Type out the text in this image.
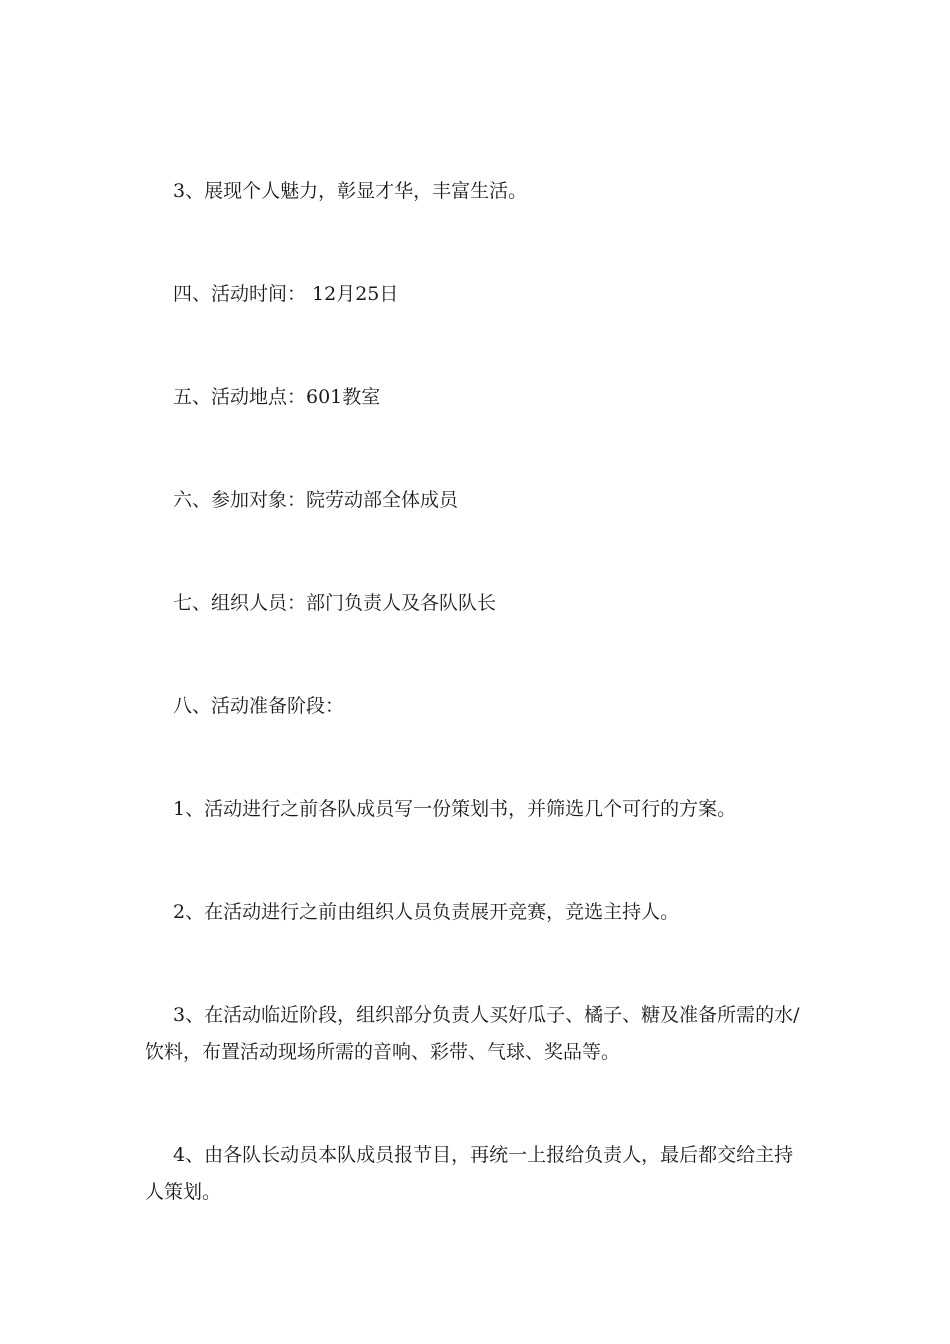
3、展现个人魅力，彰显才华，丰富生活。

四、活动时间： 12月25日

五、活动地点：601教室

六、参加对象：院劳动部全体成员

七、组织人员：部门负责人及各队队长

八、活动准备阶段：

1、活动进行之前各队成员写一份策划书，并筛选几个可行的方案。

2、在活动进行之前由组织人员负责展开竞赛，竞选主持人。

3、在活动临近阶段，组织部分负责人买好瓜子、橘子、糖及准备所需的水/饮料，布置活动现场所需的音响、彩带、气球、奖品等。

4、由各队长动员本队成员报节目，再统一上报给负责人，最后都交给主持人策划。
